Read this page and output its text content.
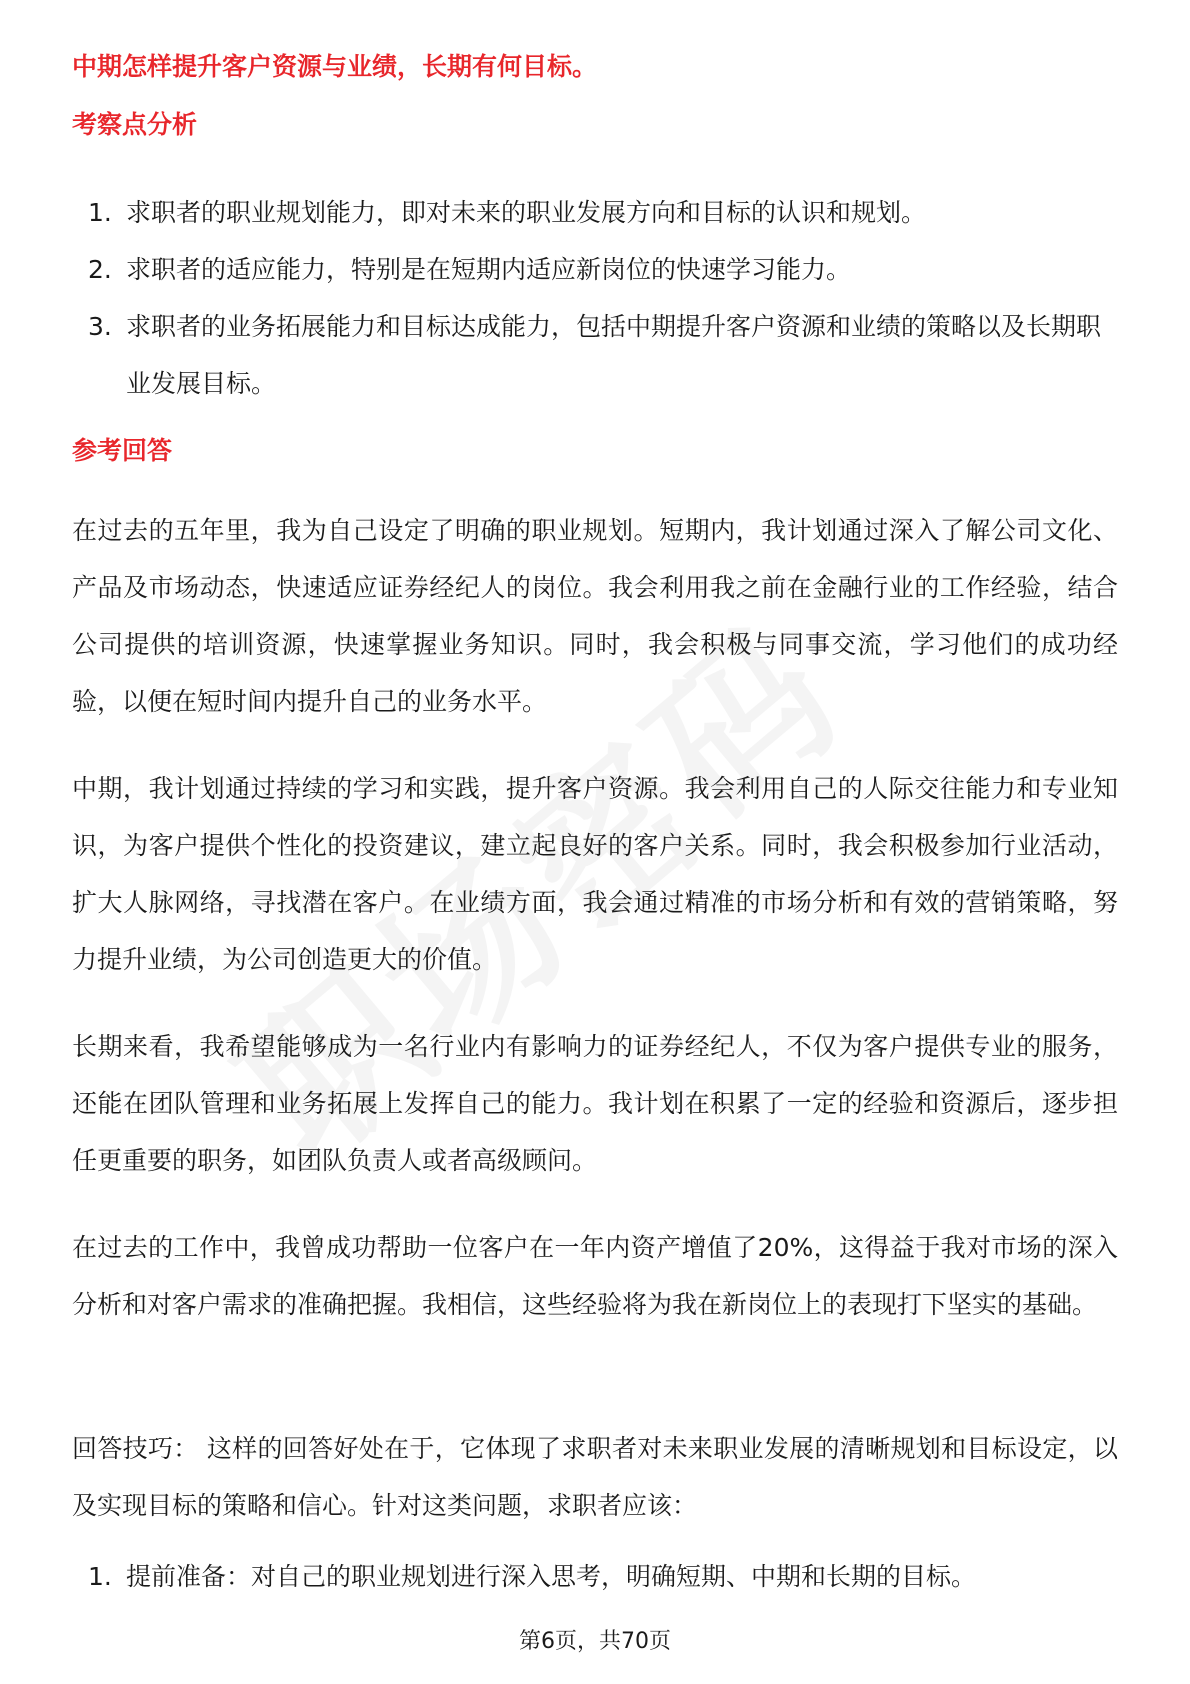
中期怎样提升客户资源与业绩，长期有何目标。
考察点分析
1. 求职者的职业规划能力，即对未来的职业发展方向和目标的认识和规划。
2. 求职者的适应能力，特别是在短期内适应新岗位的快速学习能力。
3. 求职者的业务拓展能力和目标达成能力，包括中期提升客户资源和业绩的策略以及长期职业发展目标。
参考回答

在过去的五年里，我为自己设定了明确的职业规划。短期内，我计划通过深入了解公司文化、产品及市场动态，快速适应证券经纪人的岗位。我会利用我之前在金融行业的工作经验，结合公司提供的培训资源，快速掌握业务知识。同时，我会积极与同事交流，学习他们的成功经验，以便在短时间内提升自己的业务水平。

中期，我计划通过持续的学习和实践，提升客户资源。我会利用自己的人际交往能力和专业知识，为客户提供个性化的投资建议，建立起良好的客户关系。同时，我会积极参加行业活动，扩大人脉网络，寻找潜在客户。在业绩方面，我会通过精准的市场分析和有效的营销策略，努力提升业绩，为公司创造更大的价值。

长期来看，我希望能够成为一名行业内有影响力的证券经纪人，不仅为客户提供专业的服务，还能在团队管理和业务拓展上发挥自己的能力。我计划在积累了一定的经验和资源后，逐步担任更重要的职务，如团队负责人或者高级顾问。

在过去的工作中，我曾成功帮助一位客户在一年内资产增值了20%，这得益于我对市场的深入分析和对客户需求的准确把握。我相信，这些经验将为我在新岗位上的表现打下坚实的基础。

回答技巧： 这样的回答好处在于，它体现了求职者对未来职业发展的清晰规划和目标设定，以及实现目标的策略和信心。针对这类问题，求职者应该：

1. 提前准备：对自己的职业规划进行深入思考，明确短期、中期和长期的目标。
第6页，共70页
